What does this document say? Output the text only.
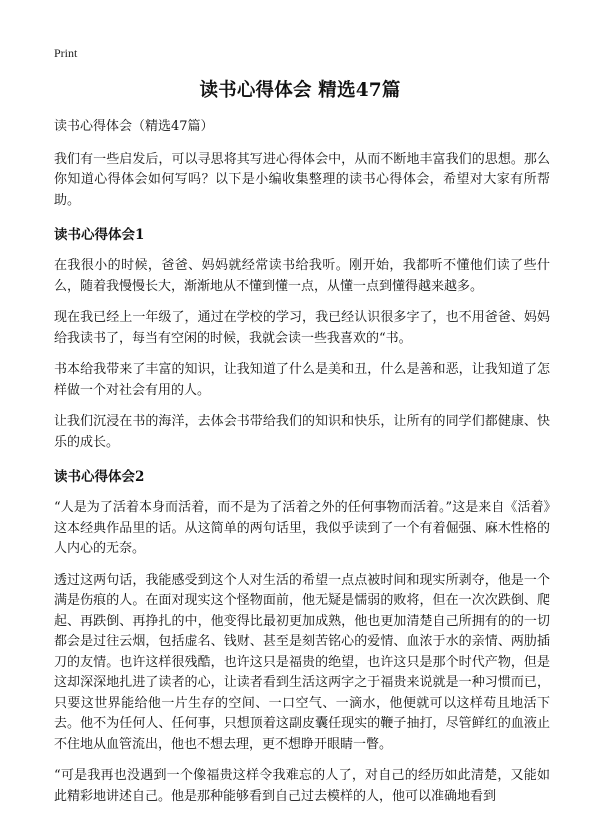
Print
读书心得体会 精选47篇

读书心得体会（精选47篇）

我们有一些启发后，可以寻思将其写进心得体会中，从而不断地丰富我们的思想。那么你知道心得体会如何写吗？以下是小编收集整理的读书心得体会，希望对大家有所帮助。

读书心得体会1

在我很小的时候，爸爸、妈妈就经常读书给我听。刚开始，我都听不懂他们读了些什么，随着我慢慢长大，渐渐地从不懂到懂一点，从懂一点到懂得越来越多。

现在我已经上一年级了，通过在学校的学习，我已经认识很多字了，也不用爸爸、妈妈给我读书了，每当有空闲的时候，我就会读一些我喜欢的“书。

书本给我带来了丰富的知识，让我知道了什么是美和丑，什么是善和恶，让我知道了怎样做一个对社会有用的人。

让我们沉浸在书的海洋，去体会书带给我们的知识和快乐，让所有的同学们都健康、快乐的成长。

读书心得体会2

“人是为了活着本身而活着，而不是为了活着之外的任何事物而活着。”这是来自《活着》这本经典作品里的话。从这简单的两句话里，我似乎读到了一个有着倔强、麻木性格的人内心的无奈。

透过这两句话，我能感受到这个人对生活的希望一点点被时间和现实所剥夺，他是一个满是伤痕的人。在面对现实这个怪物面前，他无疑是懦弱的败将，但在一次次跌倒、爬起、再跌倒、再挣扎的中，他变得比最初更加成熟，他也更加清楚自己所拥有的的一切都会是过往云烟，包括虚名、钱财、甚至是刻苦铭心的爱情、血浓于水的亲情、两肋插刀的友情。也许这样很残酷，也许这只是福贵的绝望，也许这只是那个时代产物，但是这却深深地扎进了读者的心，让读者看到生活这两字之于福贵来说就是一种习惯而已，只要这世界能给他一片生存的空间、一口空气、一滴水，他便就可以这样苟且地活下去。他不为任何人、任何事，只想顶着这副皮囊任现实的鞭子抽打，尽管鲜红的血液止不住地从血管流出，他也不想去理，更不想睁开眼睛一瞥。

“可是我再也没遇到一个像福贵这样令我难忘的人了，对自己的经历如此清楚，又能如此精彩地讲述自己。他是那种能够看到自己过去模样的人，他可以准确地看到
